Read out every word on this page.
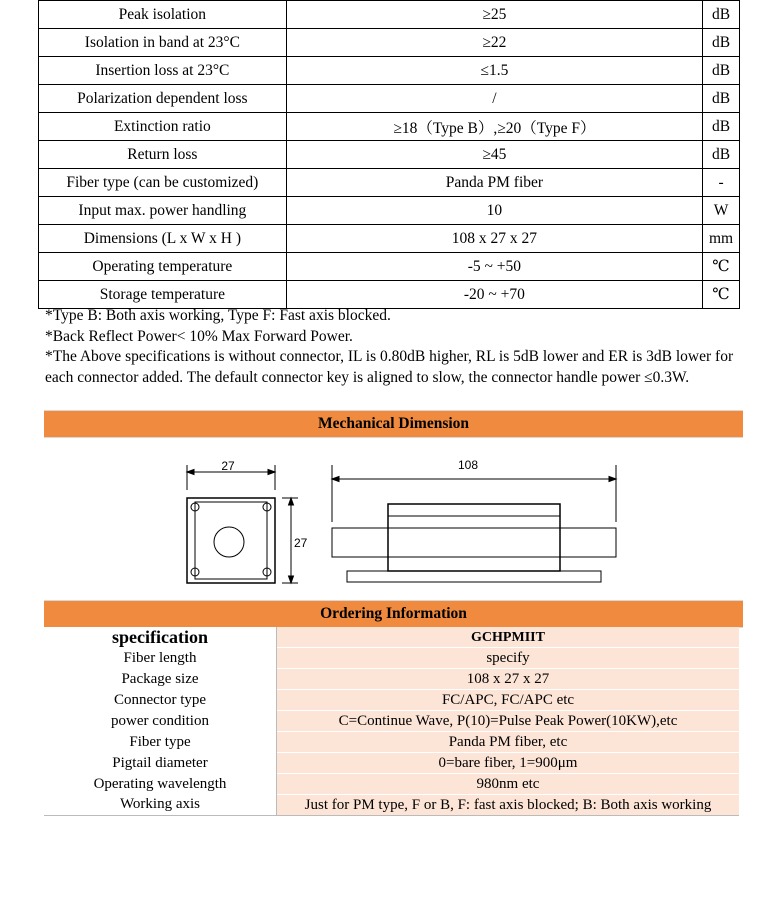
Peak isolation	≥25	dB
Isolation in band at 23°C	≥22	dB
Insertion loss at 23°C	≤1.5	dB
Polarization dependent loss	/	dB
Extinction ratio	≥18（Type B）,≥20（Type F）	dB
Return loss	≥45	dB
Fiber type (can be customized)	Panda PM fiber	-
Input max. power handling	10	W
Dimensions (L x W x H )	108 x 27 x 27	mm
Operating temperature	-5 ~ +50	℃
Storage temperature	-20 ~ +70	℃

*Type B: Both axis working, Type F: Fast axis blocked.

*Back Reflect Power< 10% Max Forward Power.

*The Above specifications is without connector, IL is 0.80dB higher, RL is 5dB lower and ER is 3dB lower for each connector added. The default connector key is aligned to slow, the connector handle power ≤0.3W.

Mechanical Dimension
27
27
108
Ordering Information
specification	GCHPMIIT
Fiber length	specify
Package size	108 x 27 x 27
Connector type	FC/APC, FC/APC etc
power condition	C=Continue Wave, P(10)=Pulse Peak Power(10KW),etc
Fiber type	Panda PM fiber, etc
Pigtail diameter	0=bare fiber, 1=900μm
Operating wavelength	980nm etc
Working axis	Just for PM type, F or B, F: fast axis blocked; B: Both axis working
